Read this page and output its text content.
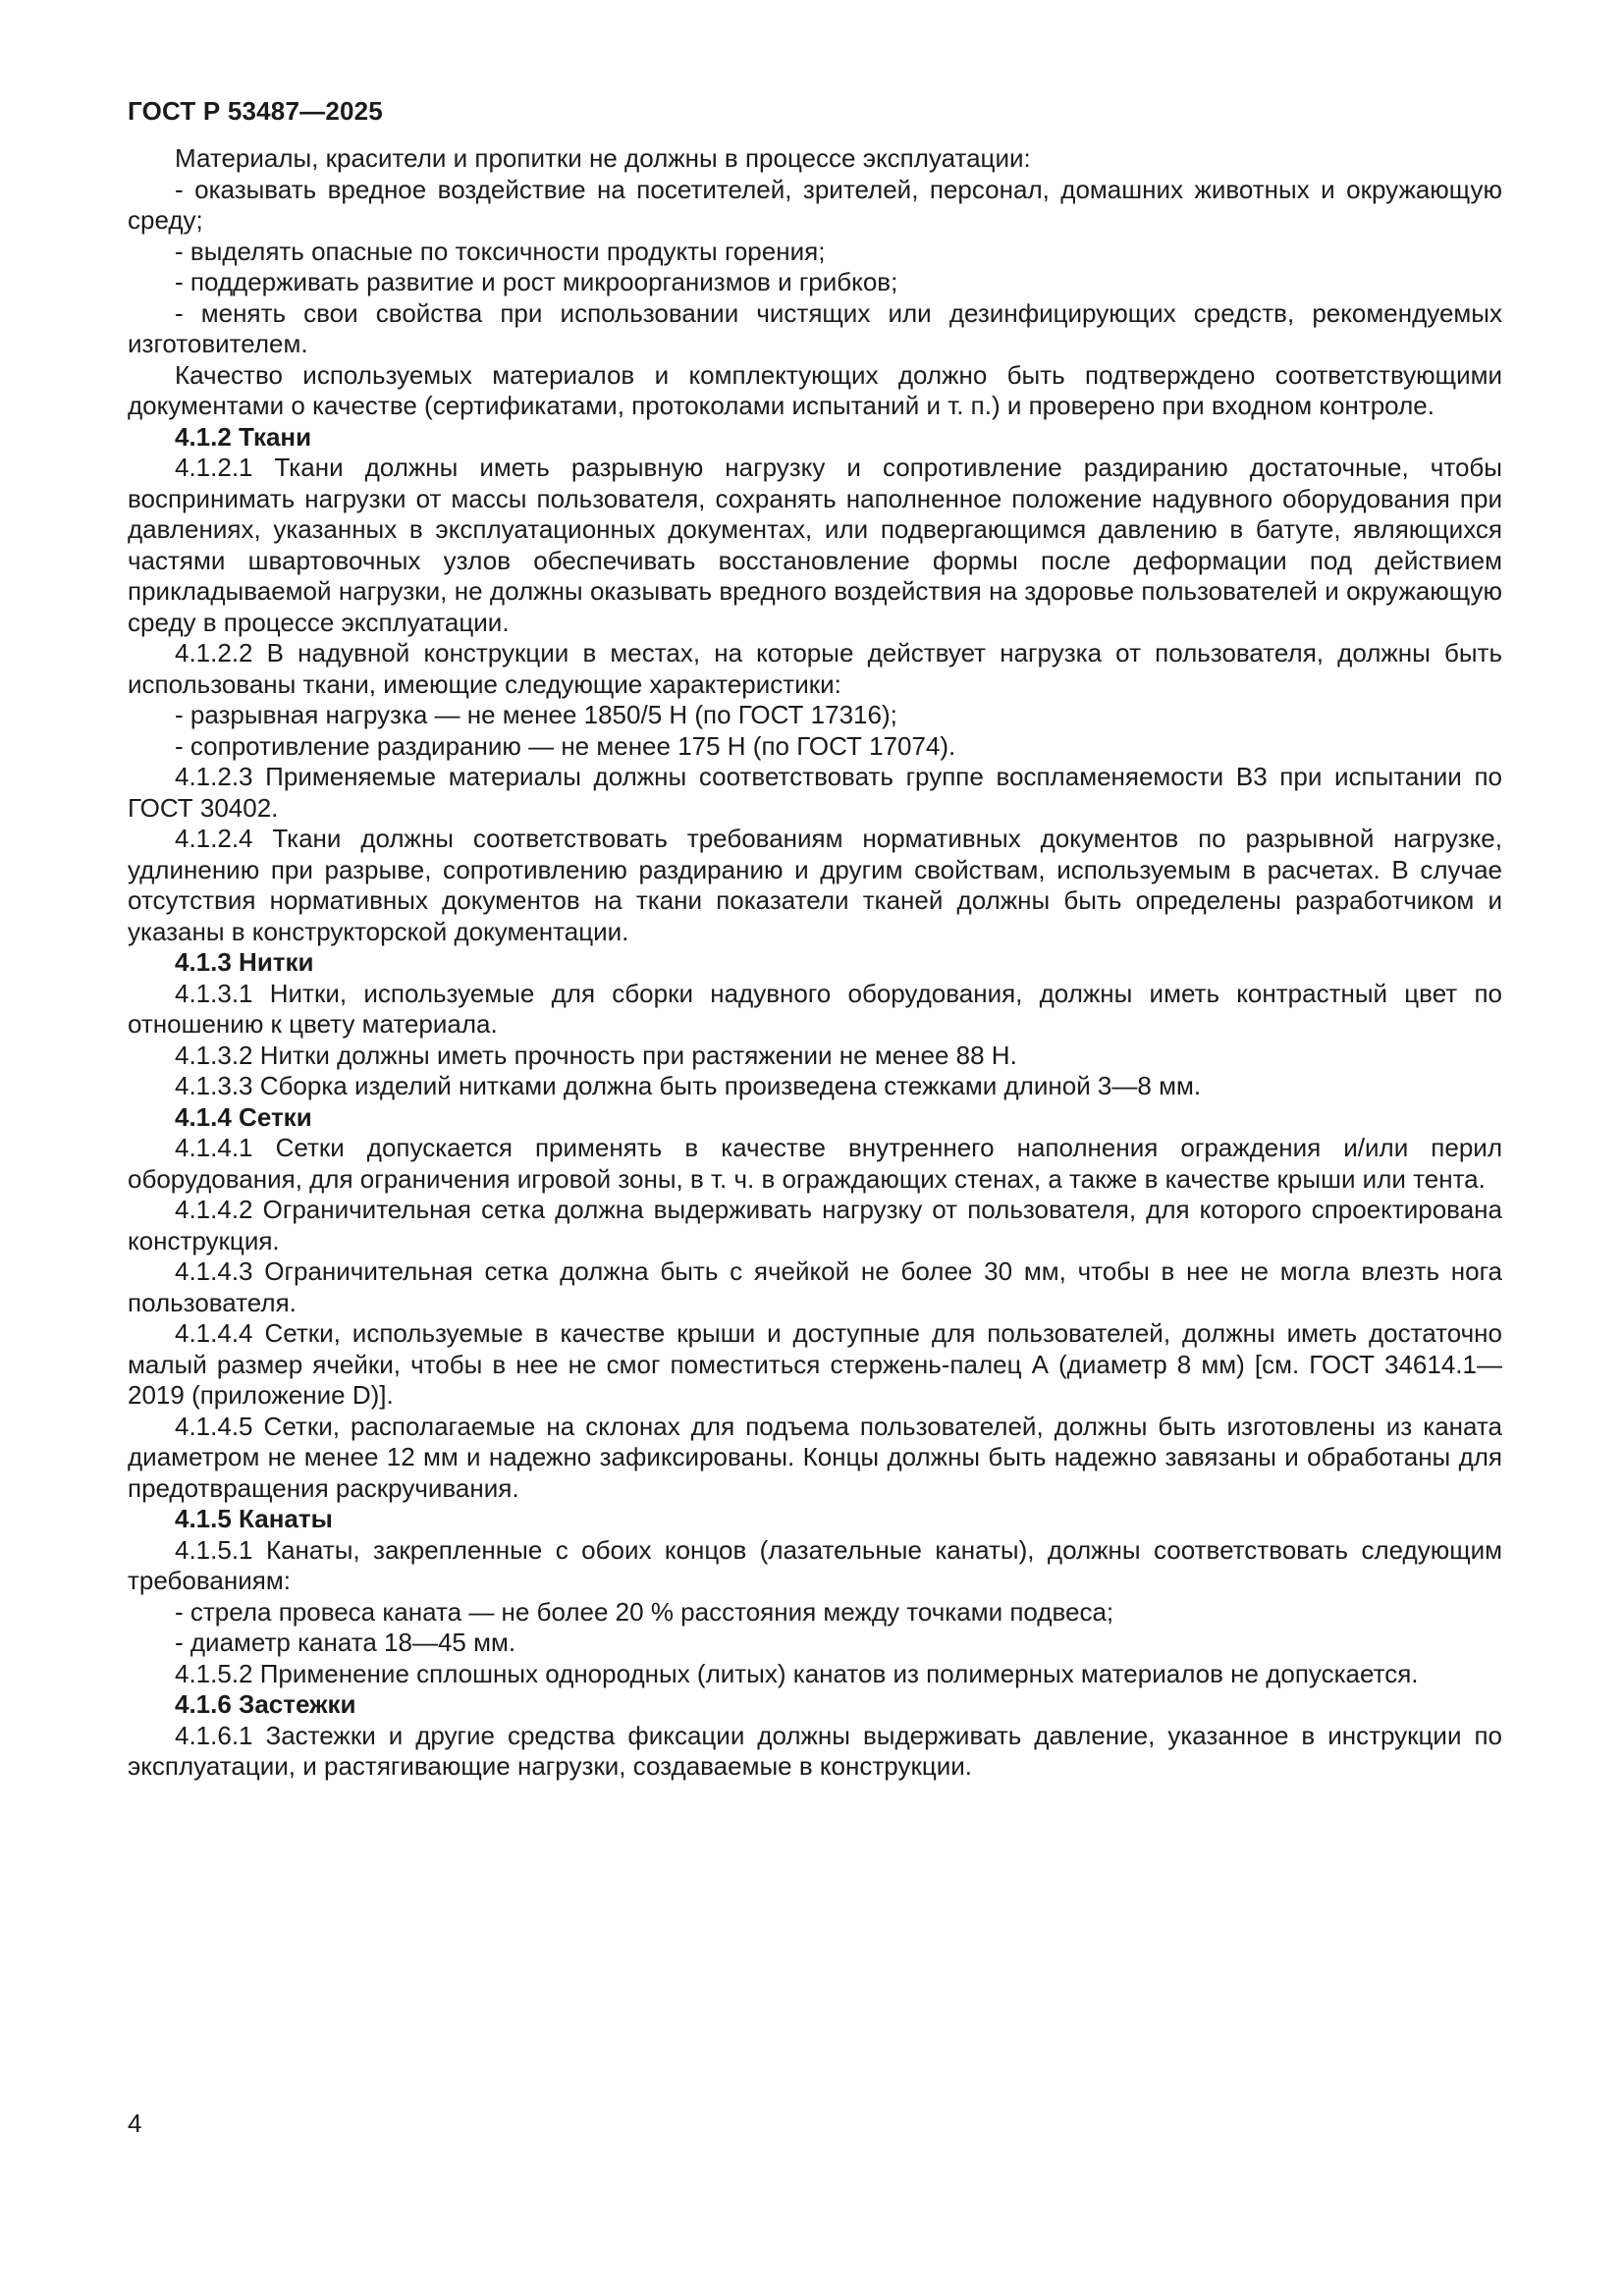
ГОСТ Р 53487—2025

Материалы, красители и пропитки не должны в процессе эксплуатации:

- оказывать вредное воздействие на посетителей, зрителей, персонал, домашних животных и окружающую среду;

- выделять опасные по токсичности продукты горения;

- поддерживать развитие и рост микроорганизмов и грибков;

- менять свои свойства при использовании чистящих или дезинфицирующих средств, рекомендуемых изготовителем.

Качество используемых материалов и комплектующих должно быть подтверждено соответствующими документами о качестве (сертификатами, протоколами испытаний и т. п.) и проверено при входном контроле.

4.1.2 Ткани

4.1.2.1 Ткани должны иметь разрывную нагрузку и сопротивление раздиранию достаточные, чтобы воспринимать нагрузки от массы пользователя, сохранять наполненное положение надувного оборудования при давлениях, указанных в эксплуатационных документах, или подвергающимся давлению в батуте, являющихся частями швартовочных узлов обеспечивать восстановление формы после деформации под действием прикладываемой нагрузки, не должны оказывать вредного воздействия на здоровье пользователей и окружающую среду в процессе эксплуатации.

4.1.2.2 В надувной конструкции в местах, на которые действует нагрузка от пользователя, должны быть использованы ткани, имеющие следующие характеристики:

- разрывная нагрузка — не менее 1850/5 Н (по ГОСТ 17316);

- сопротивление раздиранию — не менее 175 Н (по ГОСТ 17074).

4.1.2.3 Применяемые материалы должны соответствовать группе воспламеняемости В3 при испытании по ГОСТ 30402.

4.1.2.4 Ткани должны соответствовать требованиям нормативных документов по разрывной нагрузке, удлинению при разрыве, сопротивлению раздиранию и другим свойствам, используемым в расчетах. В случае отсутствия нормативных документов на ткани показатели тканей должны быть определены разработчиком и указаны в конструкторской документации.

4.1.3 Нитки

4.1.3.1 Нитки, используемые для сборки надувного оборудования, должны иметь контрастный цвет по отношению к цвету материала.

4.1.3.2 Нитки должны иметь прочность при растяжении не менее 88 Н.

4.1.3.3 Сборка изделий нитками должна быть произведена стежками длиной 3—8 мм.

4.1.4 Сетки

4.1.4.1 Сетки допускается применять в качестве внутреннего наполнения ограждения и/или перил оборудования, для ограничения игровой зоны, в т. ч. в ограждающих стенах, а также в качестве крыши или тента.

4.1.4.2 Ограничительная сетка должна выдерживать нагрузку от пользователя, для которого спроектирована конструкция.

4.1.4.3 Ограничительная сетка должна быть с ячейкой не более 30 мм, чтобы в нее не могла влезть нога пользователя.

4.1.4.4 Сетки, используемые в качестве крыши и доступные для пользователей, должны иметь достаточно малый размер ячейки, чтобы в нее не смог поместиться стержень-палец А (диаметр 8 мм) [см. ГОСТ 34614.1—2019 (приложение D)].

4.1.4.5 Сетки, располагаемые на склонах для подъема пользователей, должны быть изготовлены из каната диаметром не менее 12 мм и надежно зафиксированы. Концы должны быть надежно завязаны и обработаны для предотвращения раскручивания.

4.1.5 Канаты

4.1.5.1 Канаты, закрепленные с обоих концов (лазательные канаты), должны соответствовать следующим требованиям:

- стрела провеса каната — не более 20 % расстояния между точками подвеса;

- диаметр каната 18—45 мм.

4.1.5.2 Применение сплошных однородных (литых) канатов из полимерных материалов не допускается.

4.1.6 Застежки

4.1.6.1 Застежки и другие средства фиксации должны выдерживать давление, указанное в инструкции по эксплуатации, и растягивающие нагрузки, создаваемые в конструкции.

4
